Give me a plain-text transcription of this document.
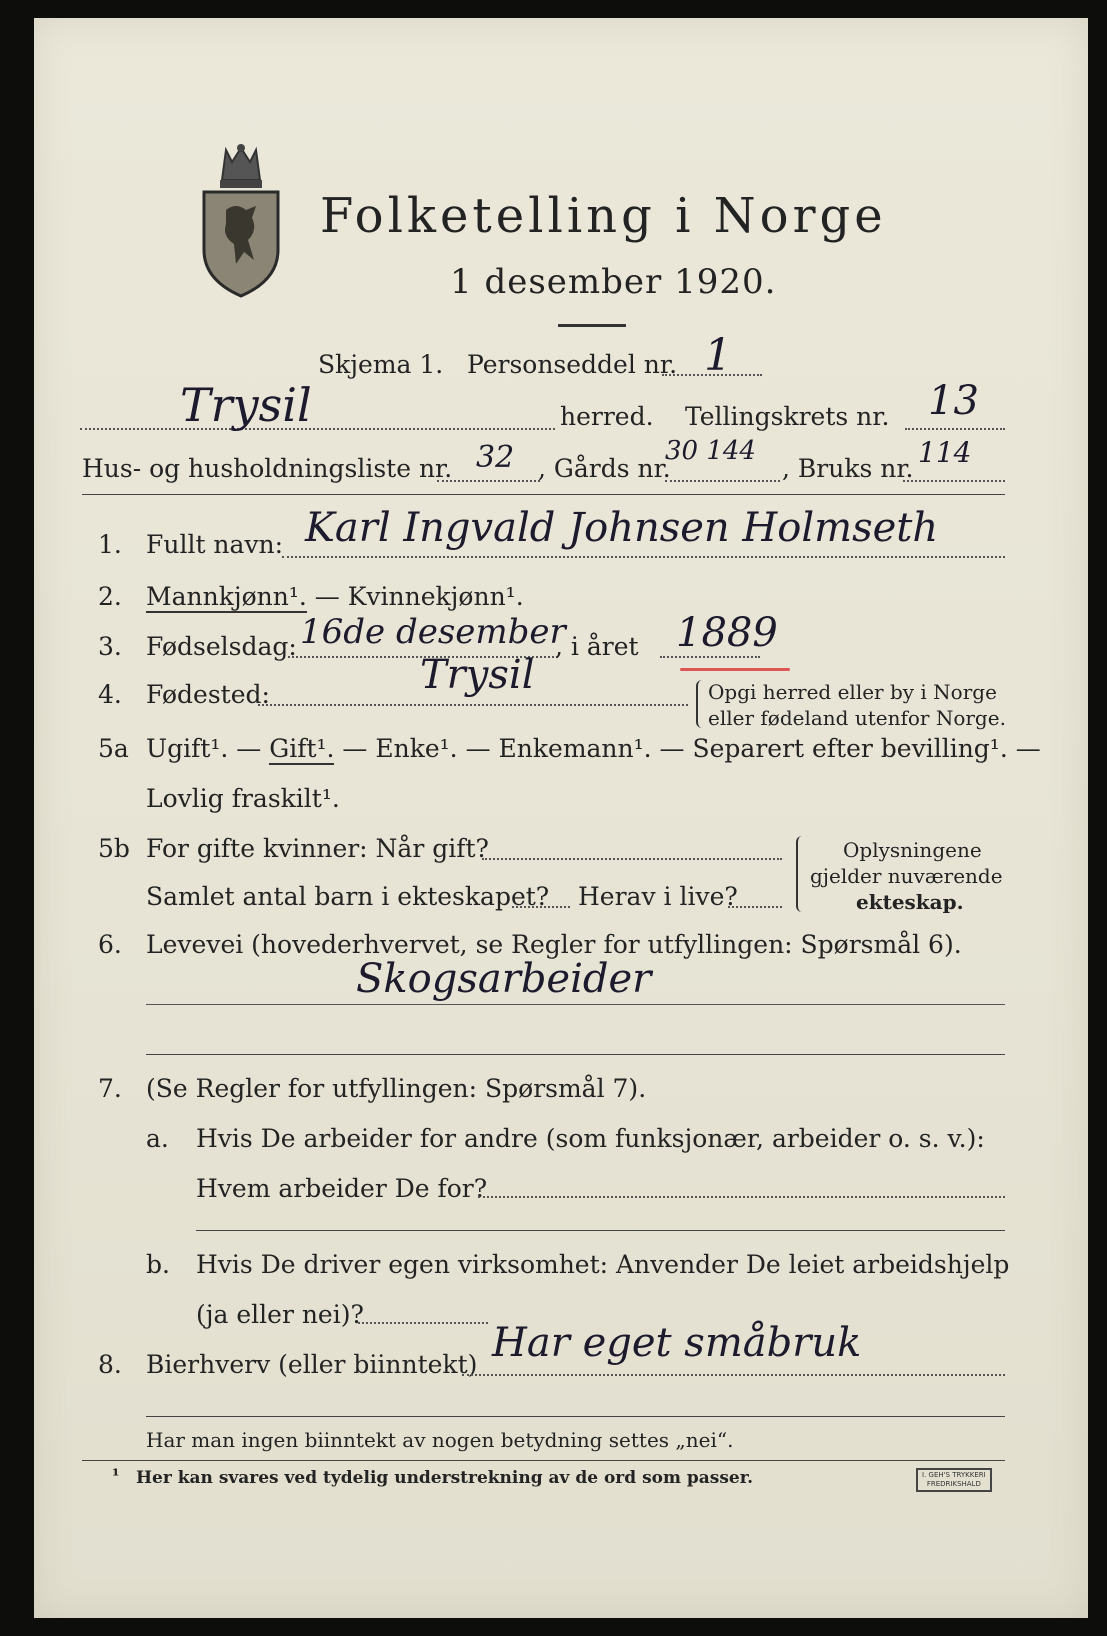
Folketelling i Norge
1 desember 1920.
Skjema 1. Personseddel nr. 1
Trysil	herred. Tellingskrets nr. 13
Hus- og husholdningsliste nr. 32 , Gårds nr.
30 144
, Bruks nr. 114
1. Fullt navn: Karl Ingvald Johnsen Holmseth
2. Mannkjønn¹. — Kvinnekjønn¹.
3. Fødselsdag: 16de desember
, i året 1889
4. Fødested:	Trysil	Opgi herred eller by i Norge
eller fødeland utenfor Norge.
5a Ugift¹. — Gift¹. — Enke¹. — Enkemann¹. — Separert efter bevilling¹. —
Lovlig fraskilt¹.
5b For gifte kvinner: Når gift?
Samlet antal barn i ekteskapet? Herav i live?
Oplysningene
gjelder nuværende
ekteskap.
6. Levevei (hovederhvervet, se Regler for utfyllingen: Spørsmål 6).
Skogsarbeider
7. (Se Regler for utfyllingen: Spørsmål 7).
a. Hvis De arbeider for andre (som funksjonær, arbeider o. s. v.):
Hvem arbeider De for?
b. Hvis De driver egen virksomhet: Anvender De leiet arbeidshjelp
(ja eller nei)?
8. Bierhverv (eller biinntekt) Har eget småbruk
Har man ingen biinntekt av nogen betydning settes „nei“.
¹ Her kan svares ved tydelig understrekning av de ord som passer.	I. GEH'S TRYKKERI
FREDRIKSHALD
